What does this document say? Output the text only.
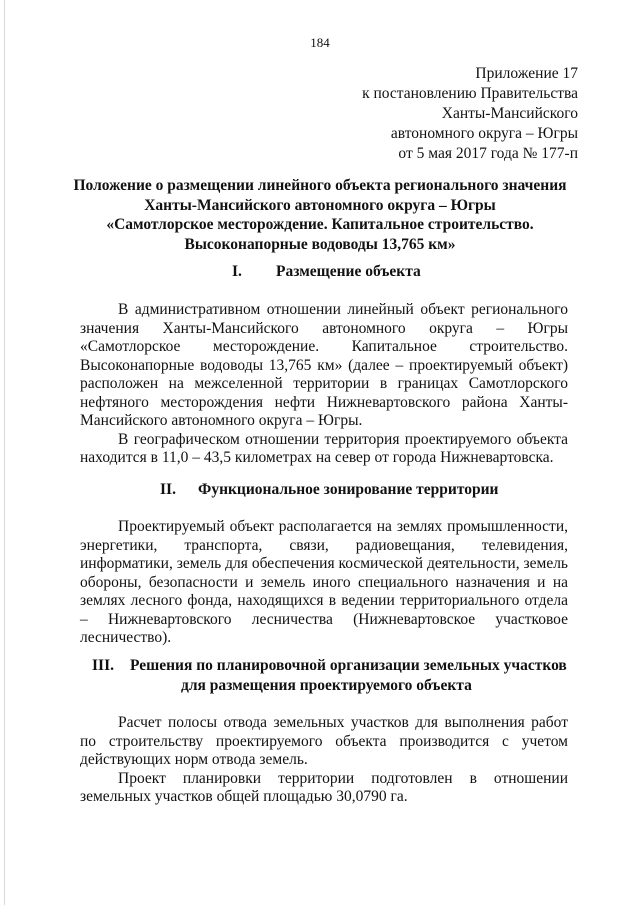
184
Приложение 17
к постановлению Правительства
Ханты-Мансийского
автономного округа – Югры
от 5 мая 2017 года № 177-п
Положение о размещении линейного объекта регионального значения
Ханты-Мансийского автономного округа – Югры
«Самотлорское месторождение. Капитальное строительство.
Высоконапорные водоводы 13,765 км»
I. Размещение объекта

В административном отношении линейный объект регионального значения Ханты-Мансийского автономного округа – Югры «Самотлорское месторождение. Капитальное строительство. Высоконапорные водоводы 13,765 км» (далее – проектируемый объект) расположен на межселенной территории в границах Самотлорского нефтяного месторождения нефти Нижневартовского района Ханты-Мансийского автономного округа – Югры.

В географическом отношении территория проектируемого объекта находится в 11,0 – 43,5 километрах на север от города Нижневартовска.

II. Функциональное зонирование территории

Проектируемый объект располагается на землях промышленности, энергетики, транспорта, связи, радиовещания, телевидения, информатики, земель для обеспечения космической деятельности, земель обороны, безопасности и земель иного специального назначения и на землях лесного фонда, находящихся в ведении территориального отдела – Нижневартовского лесничества (Нижневартовское участковое лесничество).

III. Решения по планировочной организации земельных участков
для размещения проектируемого объекта

Расчет полосы отвода земельных участков для выполнения работ по строительству проектируемого объекта производится с учетом действующих норм отвода земель.

Проект планировки территории подготовлен в отношении земельных участков общей площадью 30,0790 га.
